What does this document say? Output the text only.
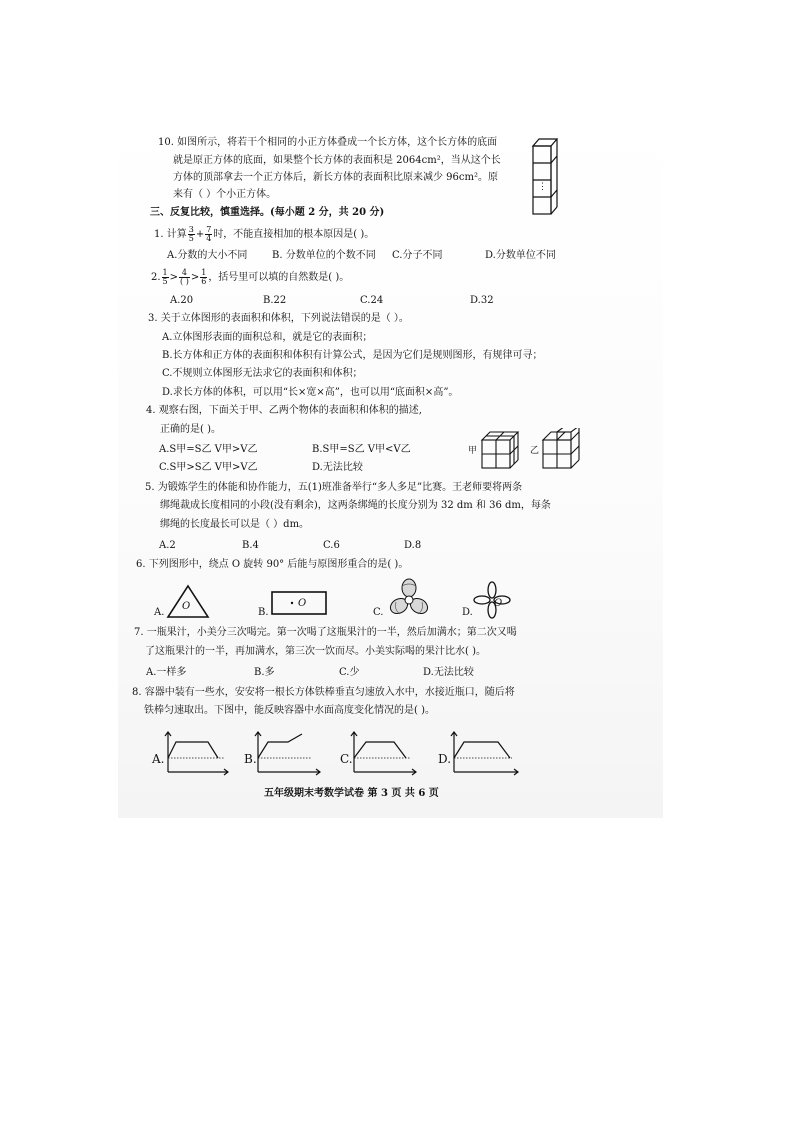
10. 如图所示，将若干个相同的小正方体叠成一个长方体，这个长方体的底面
就是原正方体的底面，如果整个长方体的表面积是 2064cm²，当从这个长
方体的顶部拿去一个正方体后，新长方体的表面积比原来减少 96cm²。原
来有（ ）个小正方体。
⋮
三、反复比较，慎重选择。(每小题 2 分，共 20 分)
1. 计算 $\frac{3}{5} + \frac{7}{4}$ 时，不能直接相加的根本原因是( )。
A.分数的大小不同 B. 分数单位的个数不同 C.分子不同	D.分数单位不同
2. $\frac{1}{5} > \frac{4}{( )} > \frac{1}{6}$ ，括号里可以填的自然数是( )。
A.20	B.22	C.24	D.32
3. 关于立体图形的表面积和体积，下列说法错误的是（ ）。
A.立体图形表面的面积总和，就是它的表面积；
B.长方体和正方体的表面积和体积有计算公式，是因为它们是规则图形，有规律可寻；
C.不规则立体图形无法求它的表面积和体积；
D.求长方体的体积，可以用“长×宽×高”，也可以用“底面积×高”。
4. 观察右图，下面关于甲、乙两个物体的表面积和体积的描述,
正确的是( )。
A.S甲=S乙 V甲>V乙	B.S甲=S乙 V甲<V乙
C.S甲>S乙 V甲>V乙	D.无法比较
甲	乙
5. 为锻炼学生的体能和协作能力，五(1)班准备举行“多人多足”比赛。王老师要将两条
绑绳裁成长度相同的小段(没有剩余)，这两条绑绳的长度分别为 32 dm 和 36 dm，每条
绑绳的长度最长可以是（ ）dm。
A.2	B.4	C.6	D.8
6. 下列图形中，绕点 O 旋转 90° 后能与原图形重合的是( )。
A.
O
B.
O
C.	D.
O
7. 一瓶果汁，小美分三次喝完。第一次喝了这瓶果汁的一半，然后加满水；第二次又喝
了这瓶果汁的一半，再加满水，第三次一饮而尽。小美实际喝的果汁比水( )。
A.一样多	B.多	C.少	D.无法比较
8. 容器中装有一些水，安安将一根长方体铁棒垂直匀速放入水中，水接近瓶口，随后将
铁棒匀速取出。下图中，能反映容器中水面高度变化情况的是( )。
A.	B.	C.	D.
五年级期末考数学试卷 第 3 页 共 6 页
